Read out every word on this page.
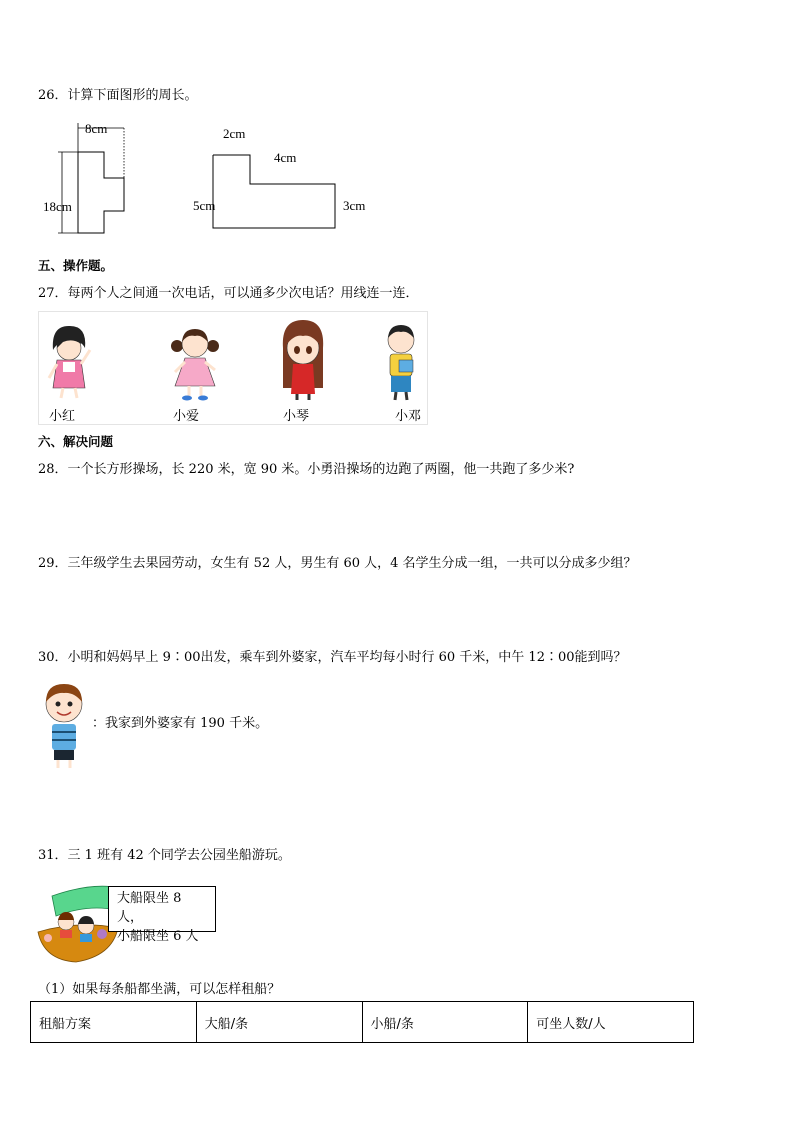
26．计算下面图形的周长。
8cm
18cm
2cm
4cm
5cm	3cm
五、操作题。
27．每两个人之间通一次电话，可以通多少次电话？用线连一连．
小红	小爱	小琴	小邓
六、解决问题
28．一个长方形操场，长 220 米，宽 90 米。小勇沿操场的边跑了两圈，他一共跑了多少米?
29．三年级学生去果园劳动，女生有 52 人，男生有 60 人，4 名学生分成一组，一共可以分成多少组？
30．小明和妈妈早上 9∶00出发，乘车到外婆家，汽车平均每小时行 60 千米，中午 12∶00能到吗？
：我家到外婆家有 190 千米。
31．三 1 班有 42 个同学去公园坐船游玩。
大船限坐 8 人，
小船限坐 6 人
（1）如果每条船都坐满，可以怎样租船？
租船方案	大船/条	小船/条	可坐人数/人
